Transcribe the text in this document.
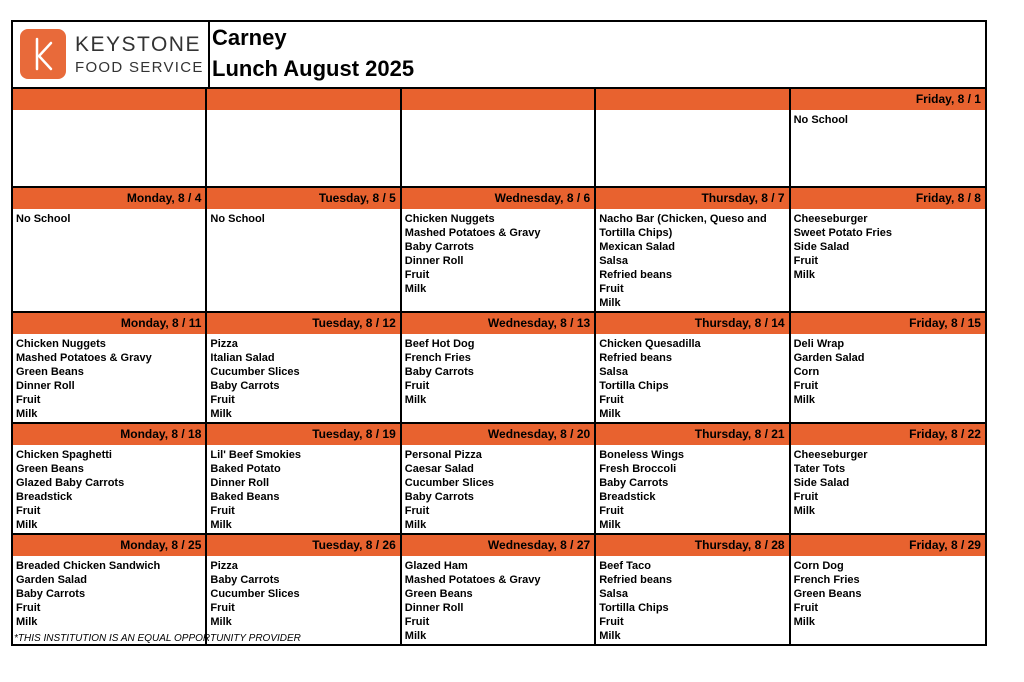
KEYSTONE
FOOD SERVICE
Carney
Lunch August 2025
Friday, 8 / 1
No School
Monday, 8 / 4
No School
Tuesday, 8 / 5
No School
Wednesday, 8 / 6
Chicken Nuggets
Mashed Potatoes & Gravy
Baby Carrots
Dinner Roll
Fruit
Milk
Thursday, 8 / 7
Nacho Bar (Chicken, Queso and Tortilla Chips)
Mexican Salad
Salsa
Refried beans
Fruit
Milk
Friday, 8 / 8
Cheeseburger
Sweet Potato Fries
Side Salad
Fruit
Milk
Monday, 8 / 11
Chicken Nuggets
Mashed Potatoes & Gravy
Green Beans
Dinner Roll
Fruit
Milk
Tuesday, 8 / 12
Pizza
Italian Salad
Cucumber Slices
Baby Carrots
Fruit
Milk
Wednesday, 8 / 13
Beef Hot Dog
French Fries
Baby Carrots
Fruit
Milk
Thursday, 8 / 14
Chicken Quesadilla
Refried beans
Salsa
Tortilla Chips
Fruit
Milk
Friday, 8 / 15
Deli Wrap
Garden Salad
Corn
Fruit
Milk
Monday, 8 / 18
Chicken Spaghetti
Green Beans
Glazed Baby Carrots
Breadstick
Fruit
Milk
Tuesday, 8 / 19
Lil' Beef Smokies
Baked Potato
Dinner Roll
Baked Beans
Fruit
Milk
Wednesday, 8 / 20
Personal Pizza
Caesar Salad
Cucumber Slices
Baby Carrots
Fruit
Milk
Thursday, 8 / 21
Boneless Wings
Fresh Broccoli
Baby Carrots
Breadstick
Fruit
Milk
Friday, 8 / 22
Cheeseburger
Tater Tots
Side Salad
Fruit
Milk
Monday, 8 / 25
Breaded Chicken Sandwich
Garden Salad
Baby Carrots
Fruit
Milk
Tuesday, 8 / 26
Pizza
Baby Carrots
Cucumber Slices
Fruit
Milk
Wednesday, 8 / 27
Glazed Ham
Mashed Potatoes & Gravy
Green Beans
Dinner Roll
Fruit
Milk
Thursday, 8 / 28
Beef Taco
Refried beans
Salsa
Tortilla Chips
Fruit
Milk
Friday, 8 / 29
Corn Dog
French Fries
Green Beans
Fruit
Milk
*THIS INSTITUTION IS AN EQUAL OPPORTUNITY PROVIDER
